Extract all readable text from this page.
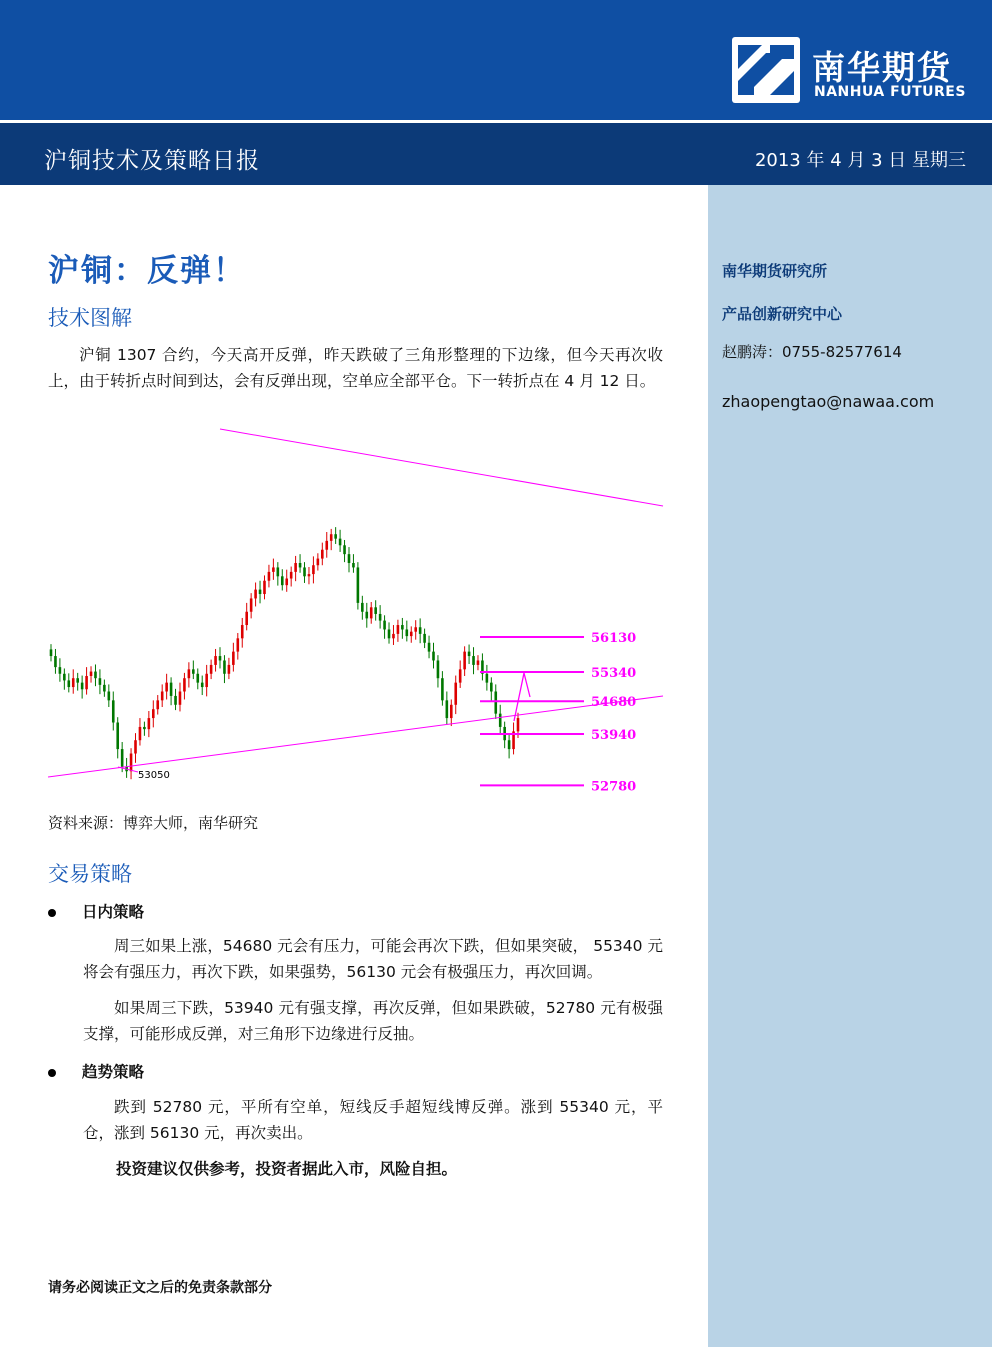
南华期货
NANHUA FUTURES
沪铜技术及策略日报	2013 年 4 月 3 日 星期三
南华期货研究所
产品创新研究中心
赵鹏涛：0755-82577614
zhaopengtao@nawaa.com
沪铜：反弹！
技术图解
沪铜 1307 合约，今天高开反弹，昨天跌破了三角形整理的下边缘，但今天再次收上，由于转折点时间到达，会有反弹出现，空单应全部平仓。下一转折点在 4 月 12 日。
56130
55340
54680
53940
52780
53050
资料来源：博弈大师，南华研究
交易策略
日内策略
周三如果上涨，54680 元会有压力，可能会再次下跌，但如果突破， 55340 元将会有强压力，再次下跌，如果强势，56130 元会有极强压力，再次回调。
如果周三下跌，53940 元有强支撑，再次反弹，但如果跌破，52780 元有极强支撑，可能形成反弹，对三角形下边缘进行反抽。
趋势策略
跌到 52780 元，平所有空单，短线反手超短线博反弹。涨到 55340 元，平仓，涨到 56130 元，再次卖出。
投资建议仅供参考，投资者据此入市，风险自担。
请务必阅读正文之后的免责条款部分
